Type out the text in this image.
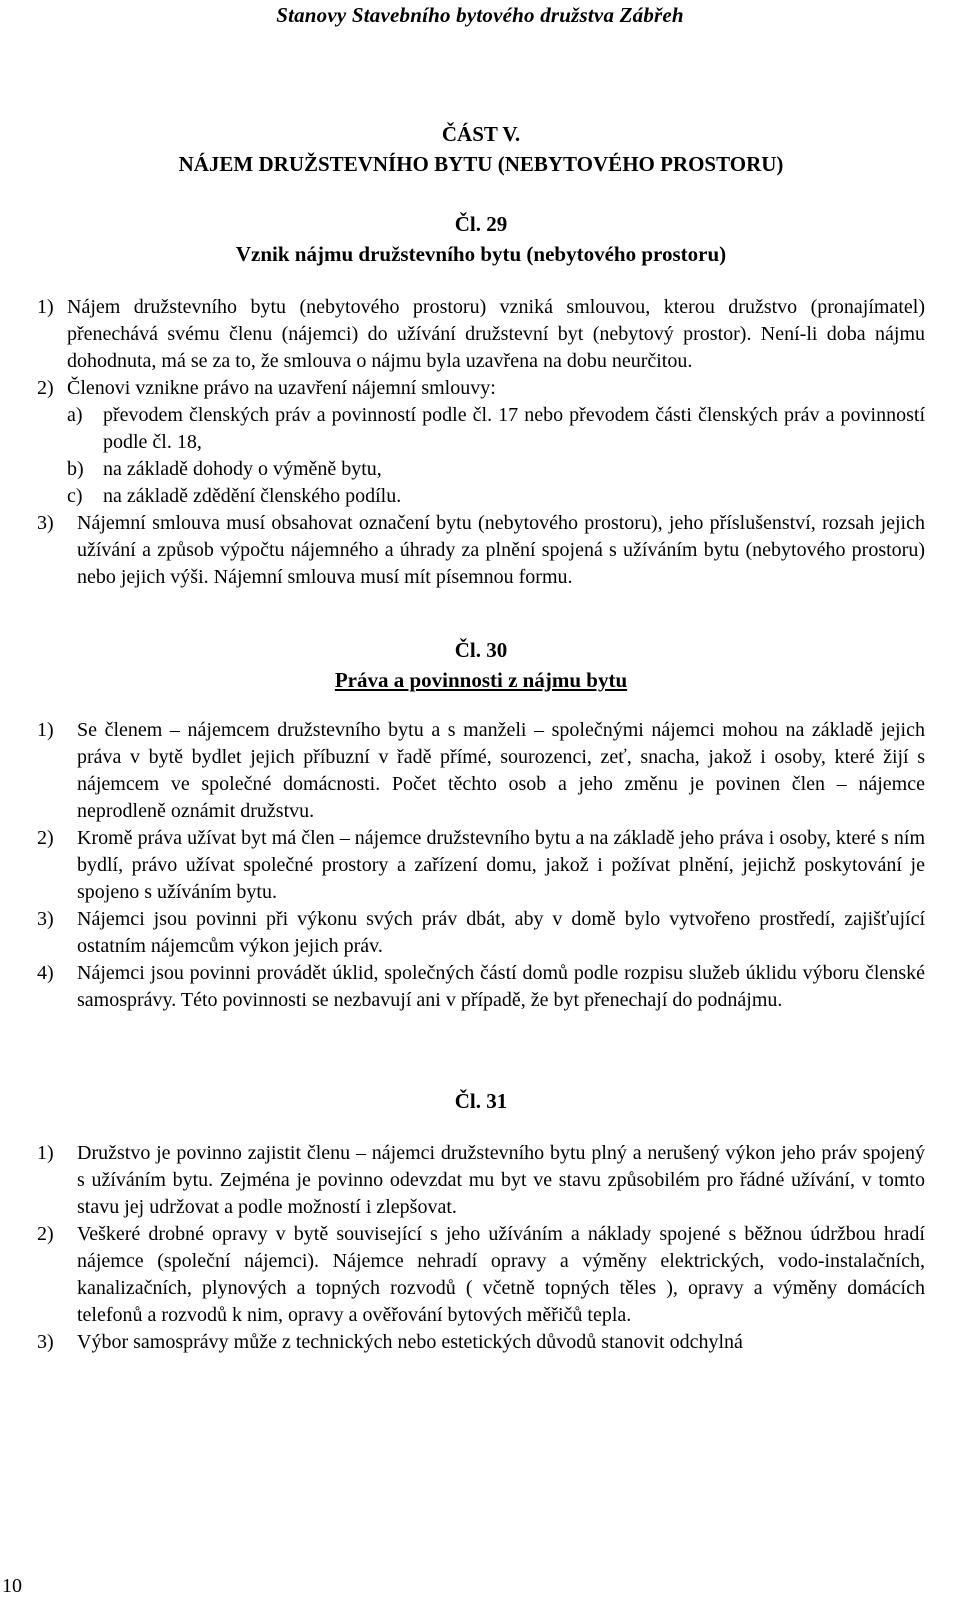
Stanovy Stavebního bytového družstva Zábřeh
ČÁST V.
NÁJEM DRUŽSTEVNÍHO BYTU (NEBYTOVÉHO PROSTORU)
Čl. 29
Vznik nájmu družstevního bytu (nebytového prostoru)
1) Nájem družstevního bytu (nebytového prostoru) vzniká smlouvou, kterou družstvo (pronajímatel) přenechává svému členu (nájemci) do užívání družstevní byt (nebytový prostor). Není-li doba nájmu dohodnuta, má se za to, že smlouva o nájmu byla uzavřena na dobu neurčitou.
2) Členovi vznikne právo na uzavření nájemní smlouvy:
a)	převodem členských práv a povinností podle čl. 17 nebo převodem části členských práv a povinností podle čl. 18,
b) na základě dohody o výměně bytu,
c)	na základě zdědění členského podílu.
3)	Nájemní smlouva musí obsahovat označení bytu (nebytového prostoru), jeho příslušenství, rozsah jejich užívání a způsob výpočtu nájemného a úhrady za plnění spojená s užíváním bytu (nebytového prostoru) nebo jejich výši. Nájemní smlouva musí mít písemnou formu.
Čl. 30
Práva a povinnosti z nájmu bytu
1)	Se členem – nájemcem družstevního bytu a s manželi – společnými nájemci mohou na základě jejich práva v bytě bydlet jejich příbuzní v řadě přímé, sourozenci, zeť, snacha, jakož i osoby, které žijí s nájemcem ve společné domácnosti. Počet těchto osob a jeho změnu je povinen člen – nájemce neprodleně oznámit družstvu.
2)	Kromě práva užívat byt má člen – nájemce družstevního bytu a na základě jeho práva i osoby, které s ním bydlí, právo užívat společné prostory a zařízení domu, jakož i požívat plnění, jejichž poskytování je spojeno s užíváním bytu.
3)	Nájemci jsou povinni při výkonu svých práv dbát, aby v domě bylo vytvořeno prostředí, zajišťující ostatním nájemcům výkon jejich práv.
4)	Nájemci jsou povinni provádět úklid, společných částí domů podle rozpisu služeb úklidu výboru členské samosprávy. Této povinnosti se nezbavují ani v případě, že byt přenechají do podnájmu.
Čl. 31
1)	Družstvo je povinno zajistit členu – nájemci družstevního bytu plný a nerušený výkon jeho práv spojený s užíváním bytu. Zejména je povinno odevzdat mu byt ve stavu způsobilém pro řádné užívání, v tomto stavu jej udržovat a podle možností i zlepšovat.
2)	Veškeré drobné opravy v bytě související s jeho užíváním a náklady spojené s běžnou údržbou hradí nájemce (společní nájemci). Nájemce nehradí opravy a výměny elektrických, vodo-instalačních, kanalizačních, plynových a topných rozvodů ( včetně topných těles ), opravy a výměny domácích telefonů a rozvodů k nim, opravy a ověřování bytových měřičů tepla.
3)	Výbor samosprávy může z technických nebo estetických důvodů stanovit odchylná
10
